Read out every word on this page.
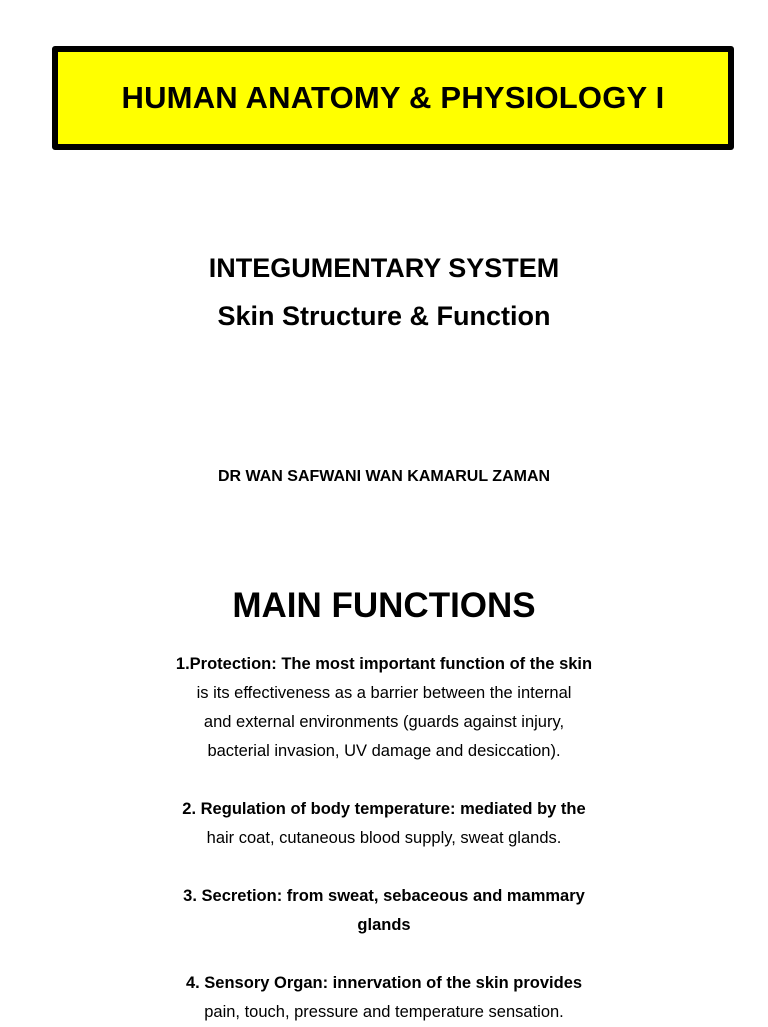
HUMAN ANATOMY & PHYSIOLOGY I
INTEGUMENTARY SYSTEM
Skin Structure & Function
DR WAN SAFWANI WAN KAMARUL ZAMAN
MAIN FUNCTIONS
1.Protection: The most important function of the skin
is its effectiveness as a barrier between the internal
and external environments (guards against injury,
bacterial invasion, UV damage and desiccation).
2. Regulation of body temperature: mediated by the
hair coat, cutaneous blood supply, sweat glands.
3. Secretion: from sweat, sebaceous and mammary
glands
4. Sensory Organ: innervation of the skin provides
pain, touch, pressure and temperature sensation.
